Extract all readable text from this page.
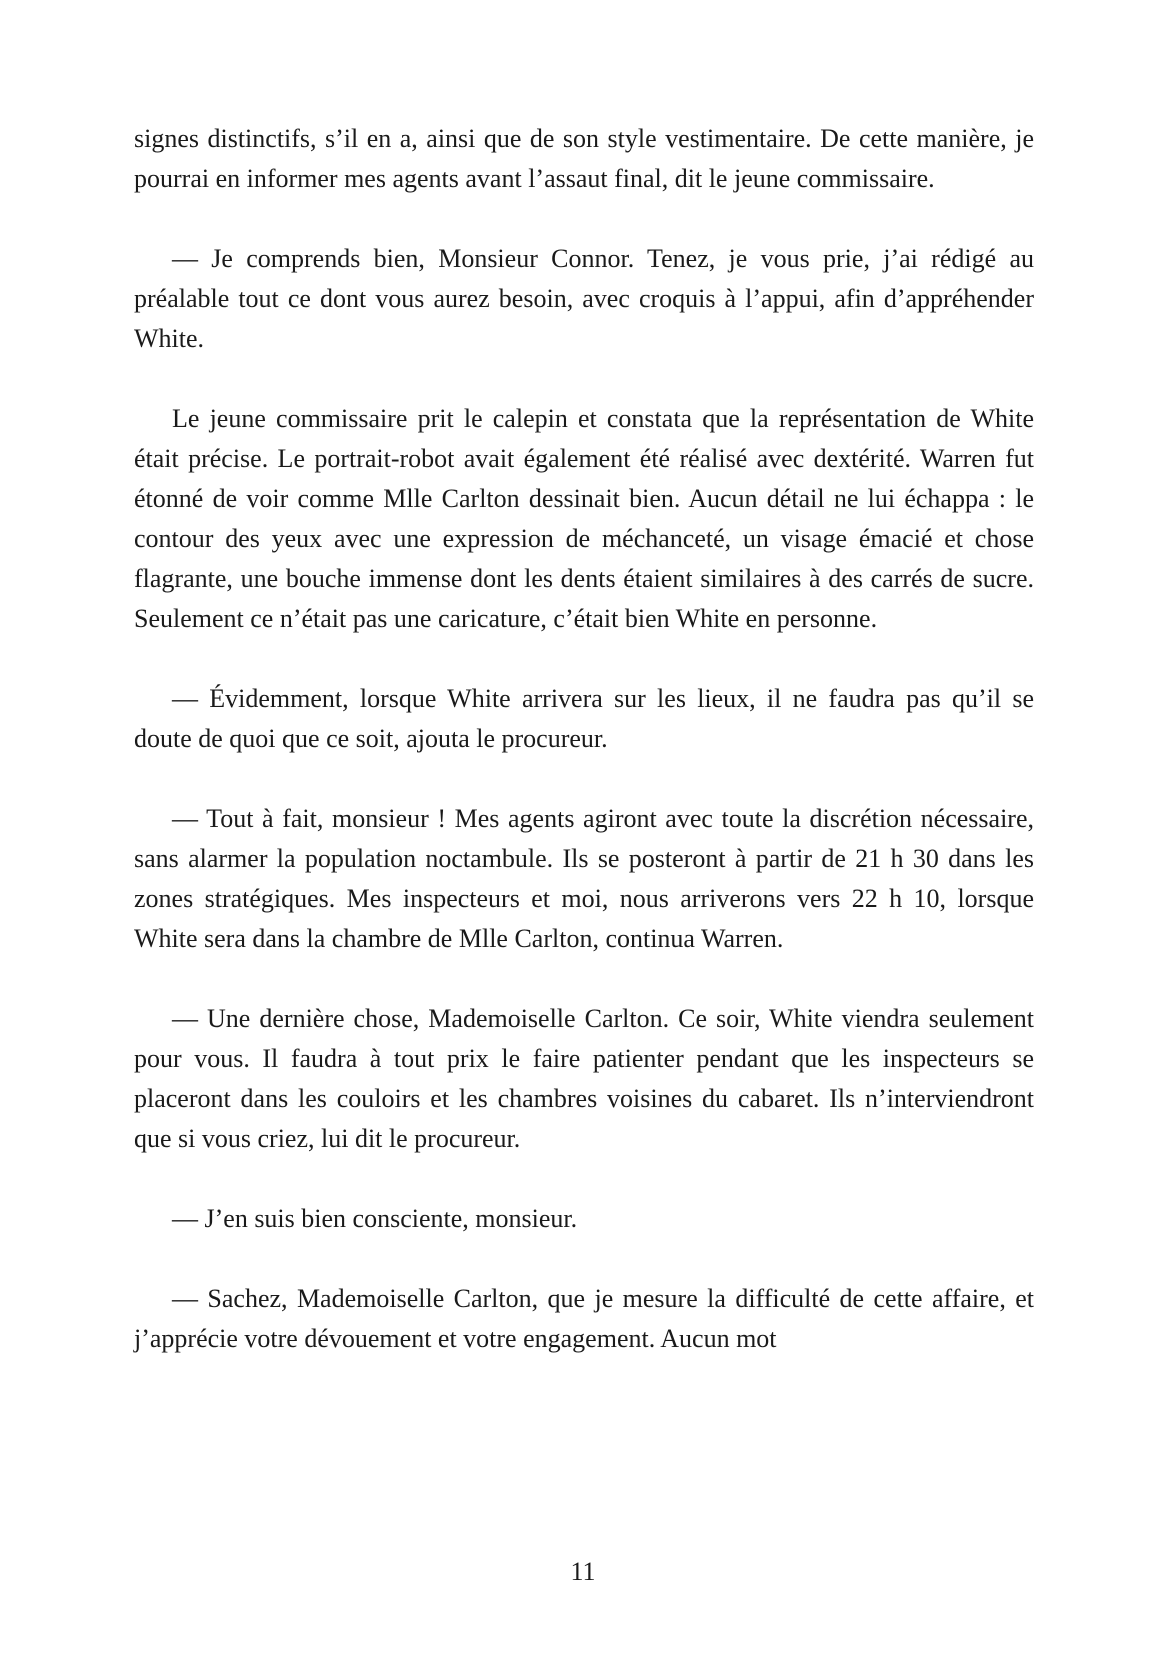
signes distinctifs, s’il en a, ainsi que de son style vestimentaire. De cette manière, je pourrai en informer mes agents avant l’assaut final, dit le jeune commissaire.

— Je comprends bien, Monsieur Connor. Tenez, je vous prie, j’ai rédigé au préalable tout ce dont vous aurez besoin, avec croquis à l’appui, afin d’appréhender White.

Le jeune commissaire prit le calepin et constata que la représentation de White était précise. Le portrait-robot avait également été réalisé avec dextérité. Warren fut étonné de voir comme Mlle Carlton dessinait bien. Aucun détail ne lui échappa : le contour des yeux avec une expression de méchanceté, un visage émacié et chose flagrante, une bouche immense dont les dents étaient similaires à des carrés de sucre. Seulement ce n’était pas une caricature, c’était bien White en personne.

— Évidemment, lorsque White arrivera sur les lieux, il ne faudra pas qu’il se doute de quoi que ce soit, ajouta le procureur.

— Tout à fait, monsieur ! Mes agents agiront avec toute la discrétion nécessaire, sans alarmer la population noctambule. Ils se posteront à partir de 21 h 30 dans les zones stratégiques. Mes inspecteurs et moi, nous arriverons vers 22 h 10, lorsque White sera dans la chambre de Mlle Carlton, continua Warren.

— Une dernière chose, Mademoiselle Carlton. Ce soir, White viendra seulement pour vous. Il faudra à tout prix le faire patienter pendant que les inspecteurs se placeront dans les couloirs et les chambres voisines du cabaret. Ils n’interviendront que si vous criez, lui dit le procureur.

— J’en suis bien consciente, monsieur.

— Sachez, Mademoiselle Carlton, que je mesure la difficulté de cette affaire, et j’apprécie votre dévouement et votre engagement. Aucun mot

11
